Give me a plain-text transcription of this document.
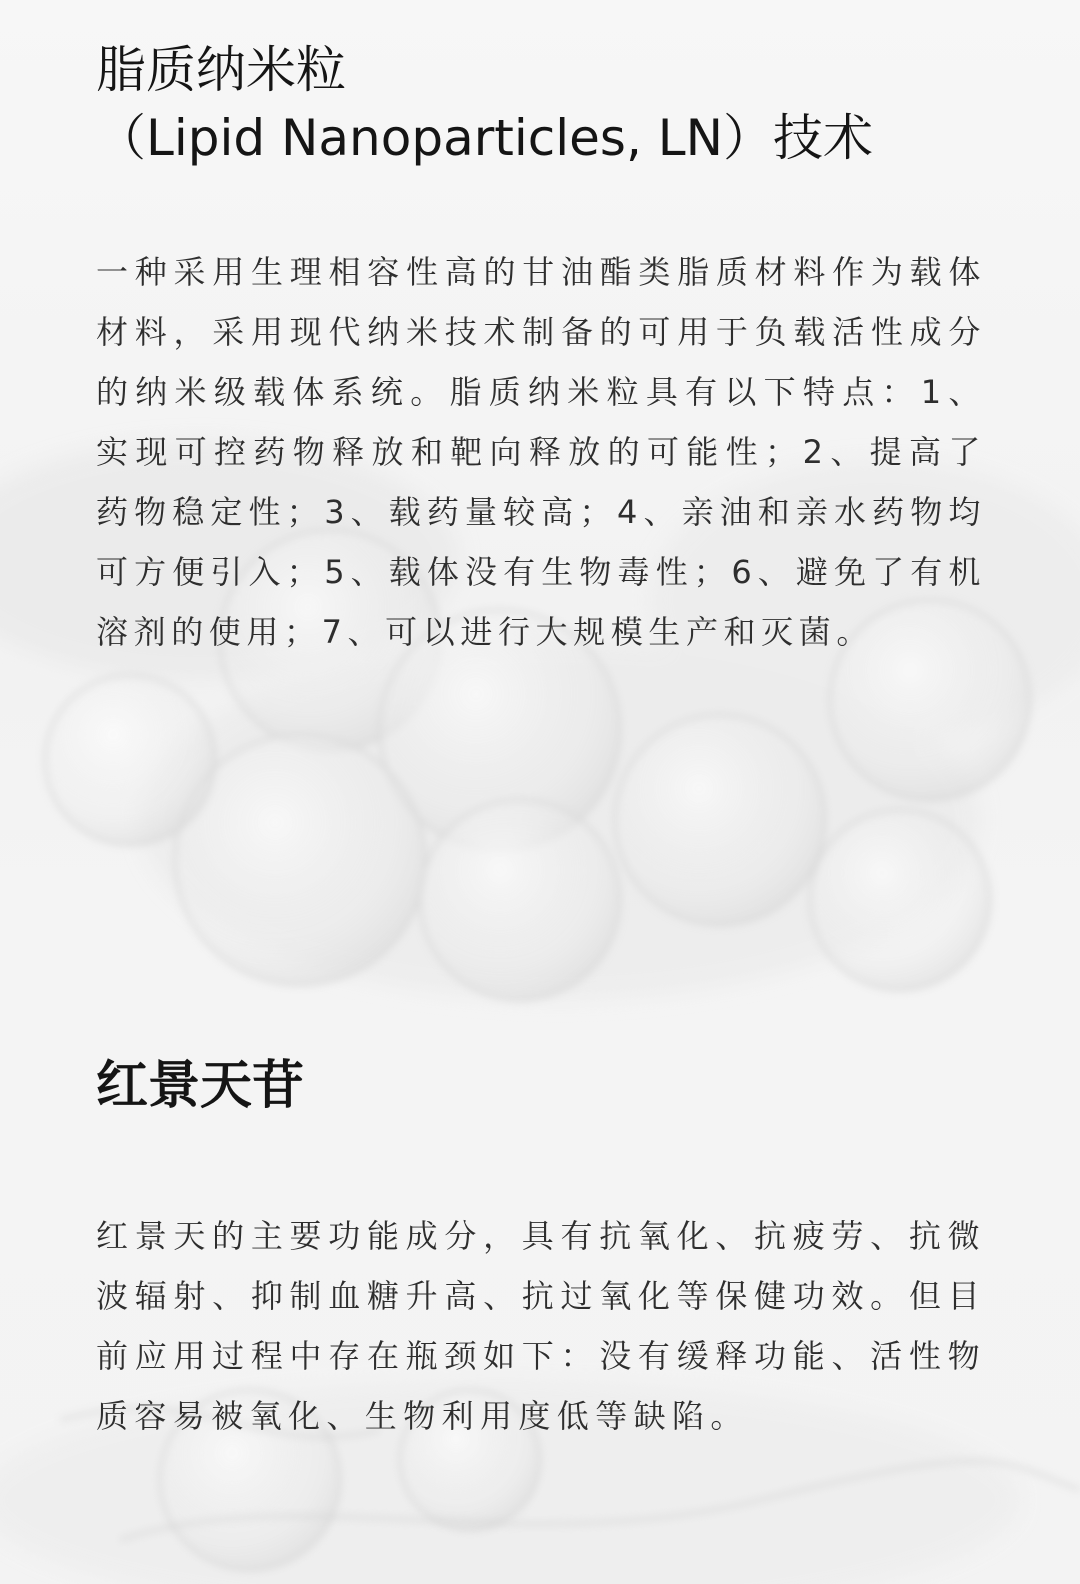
脂质纳米粒
（Lipid Nanoparticles, LN）技术

一种采用生理相容性高的甘油酯类脂质材料作为载体材料，采用现代纳米技术制备的可用于负载活性成分的纳米级载体系统。脂质纳米粒具有以下特点：1、实现可控药物释放和靶向释放的可能性；2、提高了药物稳定性；3、载药量较高；4、亲油和亲水药物均可方便引入；5、载体没有生物毒性；6、避免了有机溶剂的使用；7、可以进行大规模生产和灭菌。

红景天苷

红景天的主要功能成分，具有抗氧化、抗疲劳、抗微波辐射、抑制血糖升高、抗过氧化等保健功效。但目前应用过程中存在瓶颈如下：没有缓释功能、活性物质容易被氧化、生物利用度低等缺陷。
